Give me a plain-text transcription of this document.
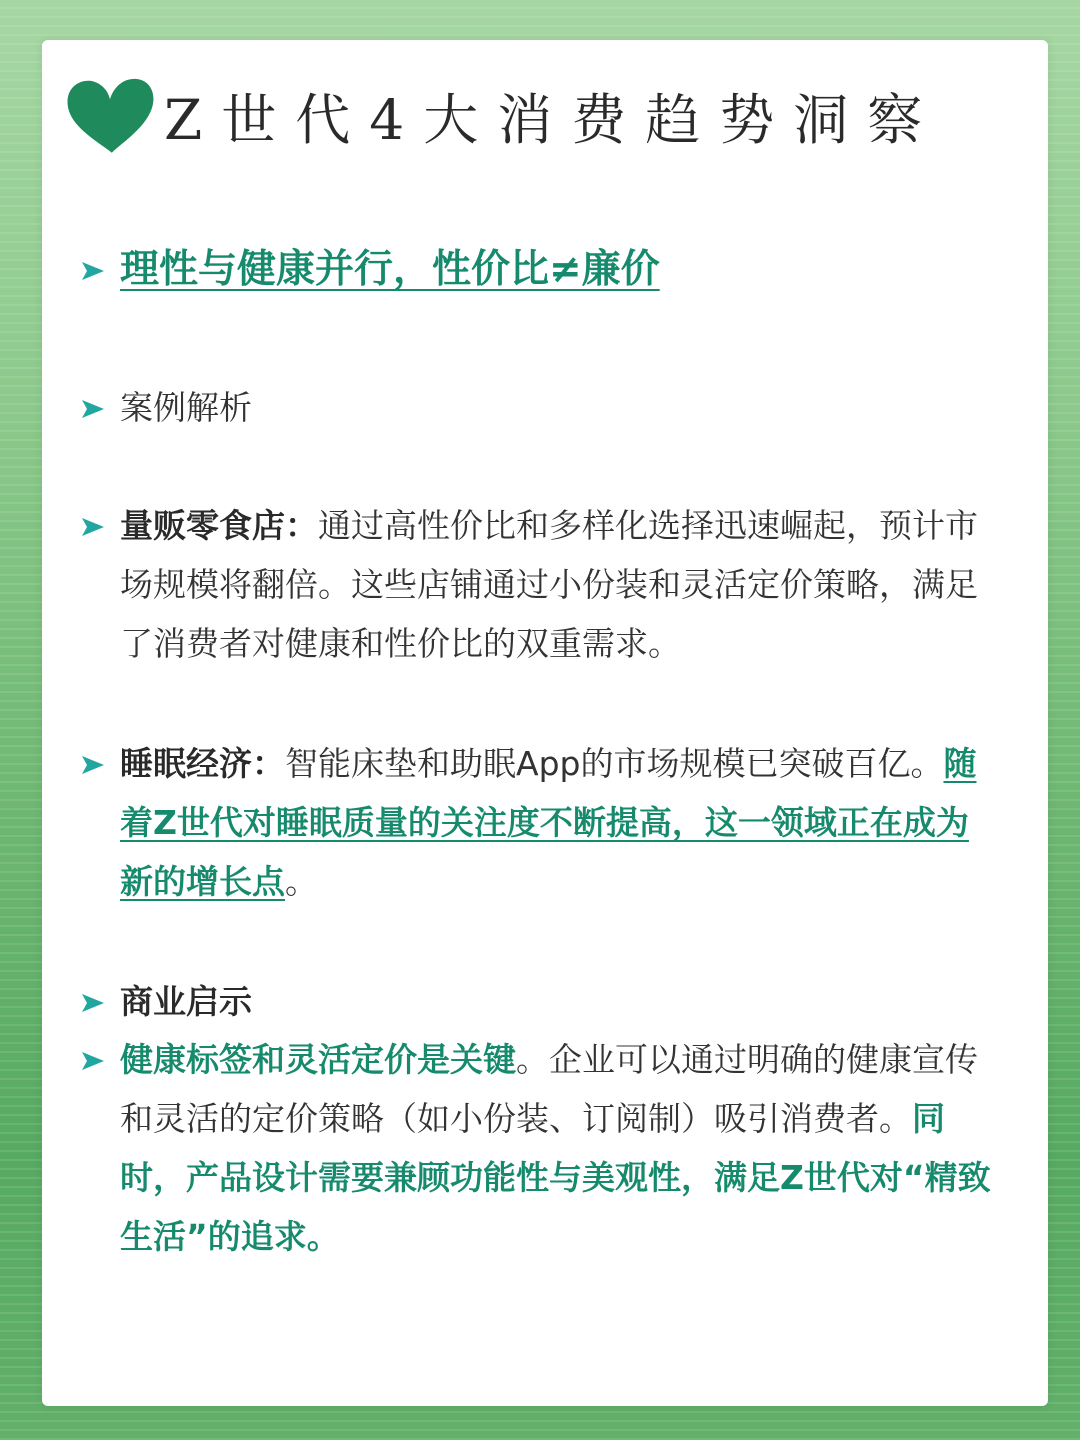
Z世代4大消费趋势洞察
理性与健康并行，性价比≠廉价
案例解析
量贩零食店：通过高性价比和多样化选择迅速崛起，预计市场规模将翻倍。这些店铺通过小份装和灵活定价策略，满足了消费者对健康和性价比的双重需求。
睡眠经济：智能床垫和助眠App的市场规模已突破百亿。随着Z世代对睡眠质量的关注度不断提高，这一领域正在成为新的增长点。
商业启示
健康标签和灵活定价是关键。企业可以通过明确的健康宣传和灵活的定价策略（如小份装、订阅制）吸引消费者。同时，产品设计需要兼顾功能性与美观性，满足Z世代对“精致生活”的追求。
